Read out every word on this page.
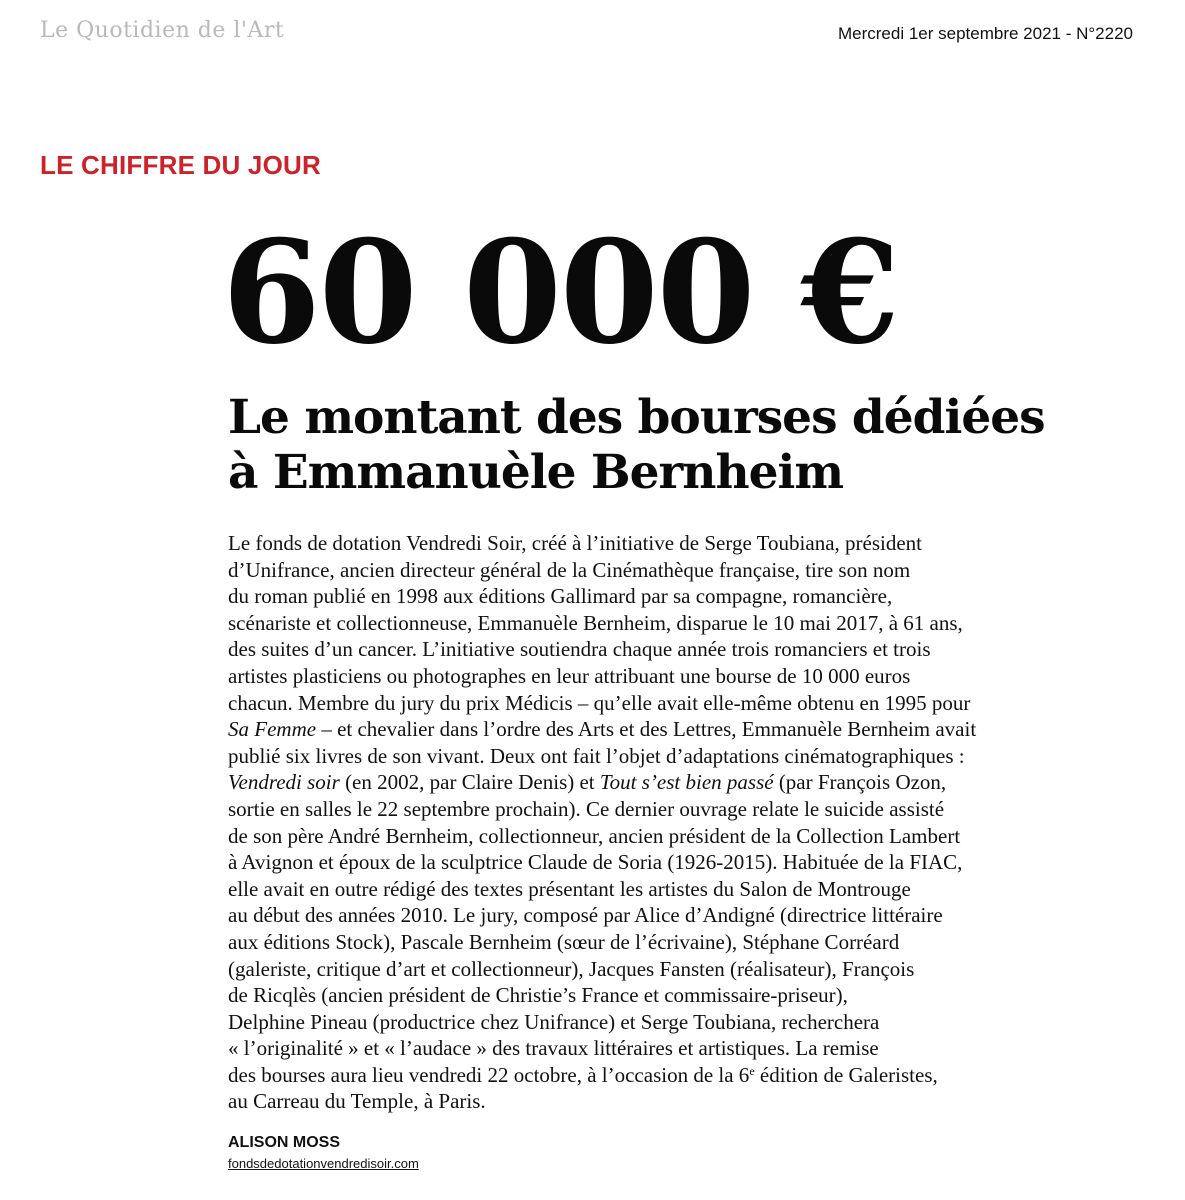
Le Quotidien de l'Art	Mercredi 1er septembre 2021 - N°2220
LE CHIFFRE DU JOUR
60 000 €
Le montant des bourses dédiées
à Emmanuèle Bernheim
Le fonds de dotation Vendredi Soir, créé à l’initiative de Serge Toubiana, président
d’Unifrance, ancien directeur général de la Cinémathèque française, tire son nom
du roman publié en 1998 aux éditions Gallimard par sa compagne, romancière,
scénariste et collectionneuse, Emmanuèle Bernheim, disparue le 10 mai 2017, à 61 ans,
des suites d’un cancer. L’initiative soutiendra chaque année trois romanciers et trois
artistes plasticiens ou photographes en leur attribuant une bourse de 10 000 euros
chacun. Membre du jury du prix Médicis – qu’elle avait elle-même obtenu en 1995 pour
Sa Femme – et chevalier dans l’ordre des Arts et des Lettres, Emmanuèle Bernheim avait
publié six livres de son vivant. Deux ont fait l’objet d’adaptations cinématographiques :
Vendredi soir (en 2002, par Claire Denis) et Tout s’est bien passé (par François Ozon,
sortie en salles le 22 septembre prochain). Ce dernier ouvrage relate le suicide assisté
de son père André Bernheim, collectionneur, ancien président de la Collection Lambert
à Avignon et époux de la sculptrice Claude de Soria (1926-2015). Habituée de la FIAC,
elle avait en outre rédigé des textes présentant les artistes du Salon de Montrouge
au début des années 2010. Le jury, composé par Alice d’Andigné (directrice littéraire
aux éditions Stock), Pascale Bernheim (sœur de l’écrivaine), Stéphane Corréard
(galeriste, critique d’art et collectionneur), Jacques Fansten (réalisateur), François
de Ricqlès (ancien président de Christie’s France et commissaire-priseur),
Delphine Pineau (productrice chez Unifrance) et Serge Toubiana, recherchera
« l’originalité » et « l’audace » des travaux littéraires et artistiques. La remise
des bourses aura lieu vendredi 22 octobre, à l’occasion de la 6e édition de Galeristes,
au Carreau du Temple, à Paris.
ALISON MOSS
fondsdedotationvendredisoir.com
